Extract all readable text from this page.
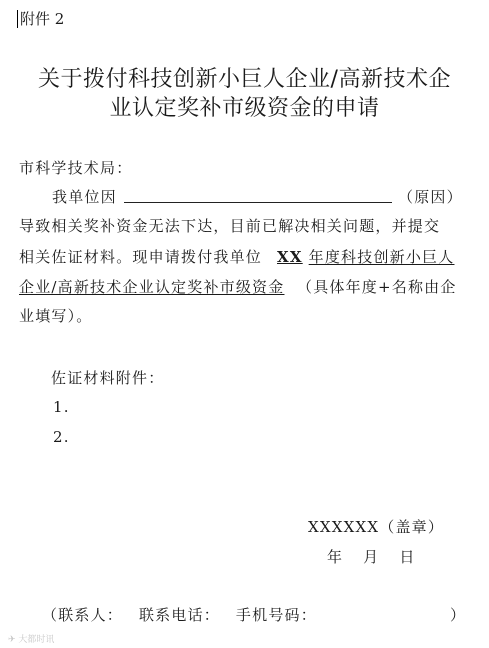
附件 2
关于拨付科技创新小巨人企业/高新技术企
业认定奖补市级资金的申请
市科学技术局：
我单位因	（原因）
导致相关奖补资金无法下达，目前已解决相关问题，并提交
相关佐证材料。现申请拨付我单位 XX 年度科技创新小巨人
企业/高新技术企业认定奖补市级资金 （具体年度+名称由企
业填写）。
佐证材料附件：
1.
2.
XXXXXX（盖章）
年 月 日
（联系人： 联系电话： 手机号码：	）
✈ 大都时讯
